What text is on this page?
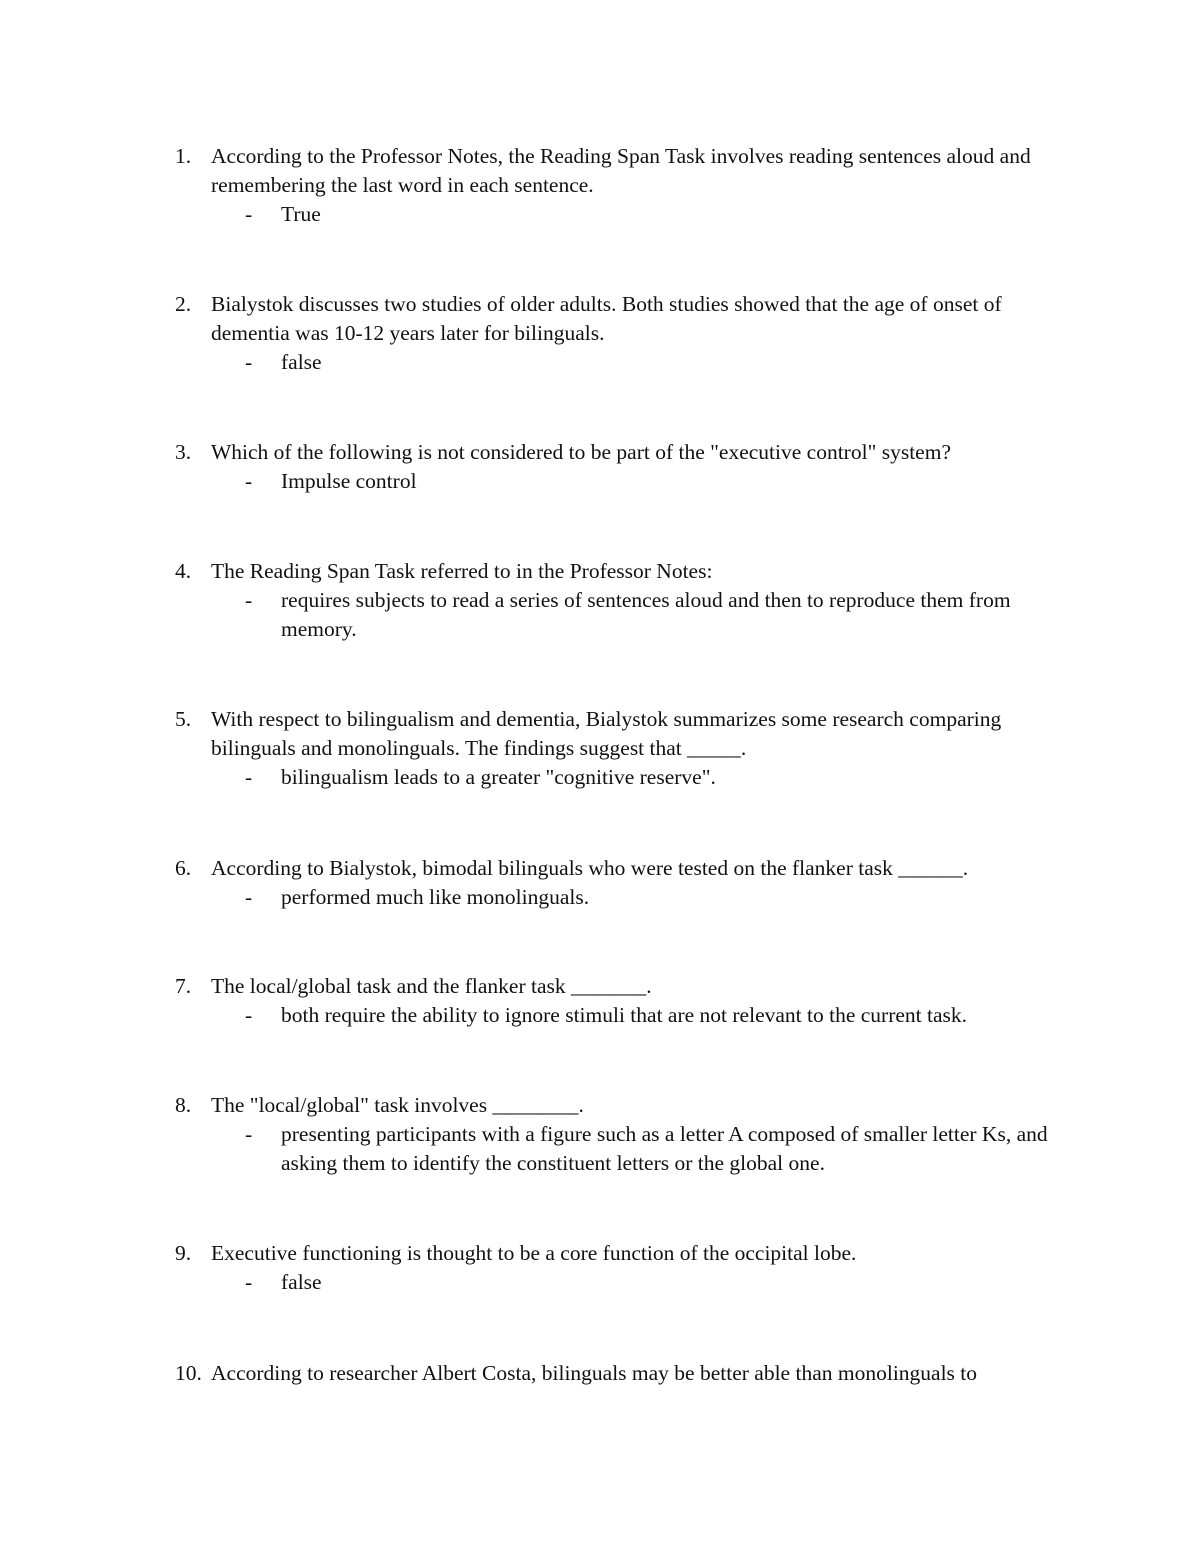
1. According to the Professor Notes, the Reading Span Task involves reading sentences aloud and remembering the last word in each sentence.
-	True
2. Bialystok discusses two studies of older adults. Both studies showed that the age of onset of dementia was 10-12 years later for bilinguals.
-	false
3. Which of the following is not considered to be part of the "executive control" system?
-	Impulse control
4. The Reading Span Task referred to in the Professor Notes:
-	requires subjects to read a series of sentences aloud and then to reproduce them from memory.
5. With respect to bilingualism and dementia, Bialystok summarizes some research comparing bilinguals and monolinguals. The findings suggest that _____.
-	bilingualism leads to a greater "cognitive reserve".
6. According to Bialystok, bimodal bilinguals who were tested on the flanker task ______.
-	performed much like monolinguals.
7. The local/global task and the flanker task _______.
-	both require the ability to ignore stimuli that are not relevant to the current task.
8. The "local/global" task involves ________.
-	presenting participants with a figure such as a letter A composed of smaller letter Ks, and asking them to identify the constituent letters or the global one.
9. Executive functioning is thought to be a core function of the occipital lobe.
-	false
10. According to researcher Albert Costa, bilinguals may be better able than monolinguals to
